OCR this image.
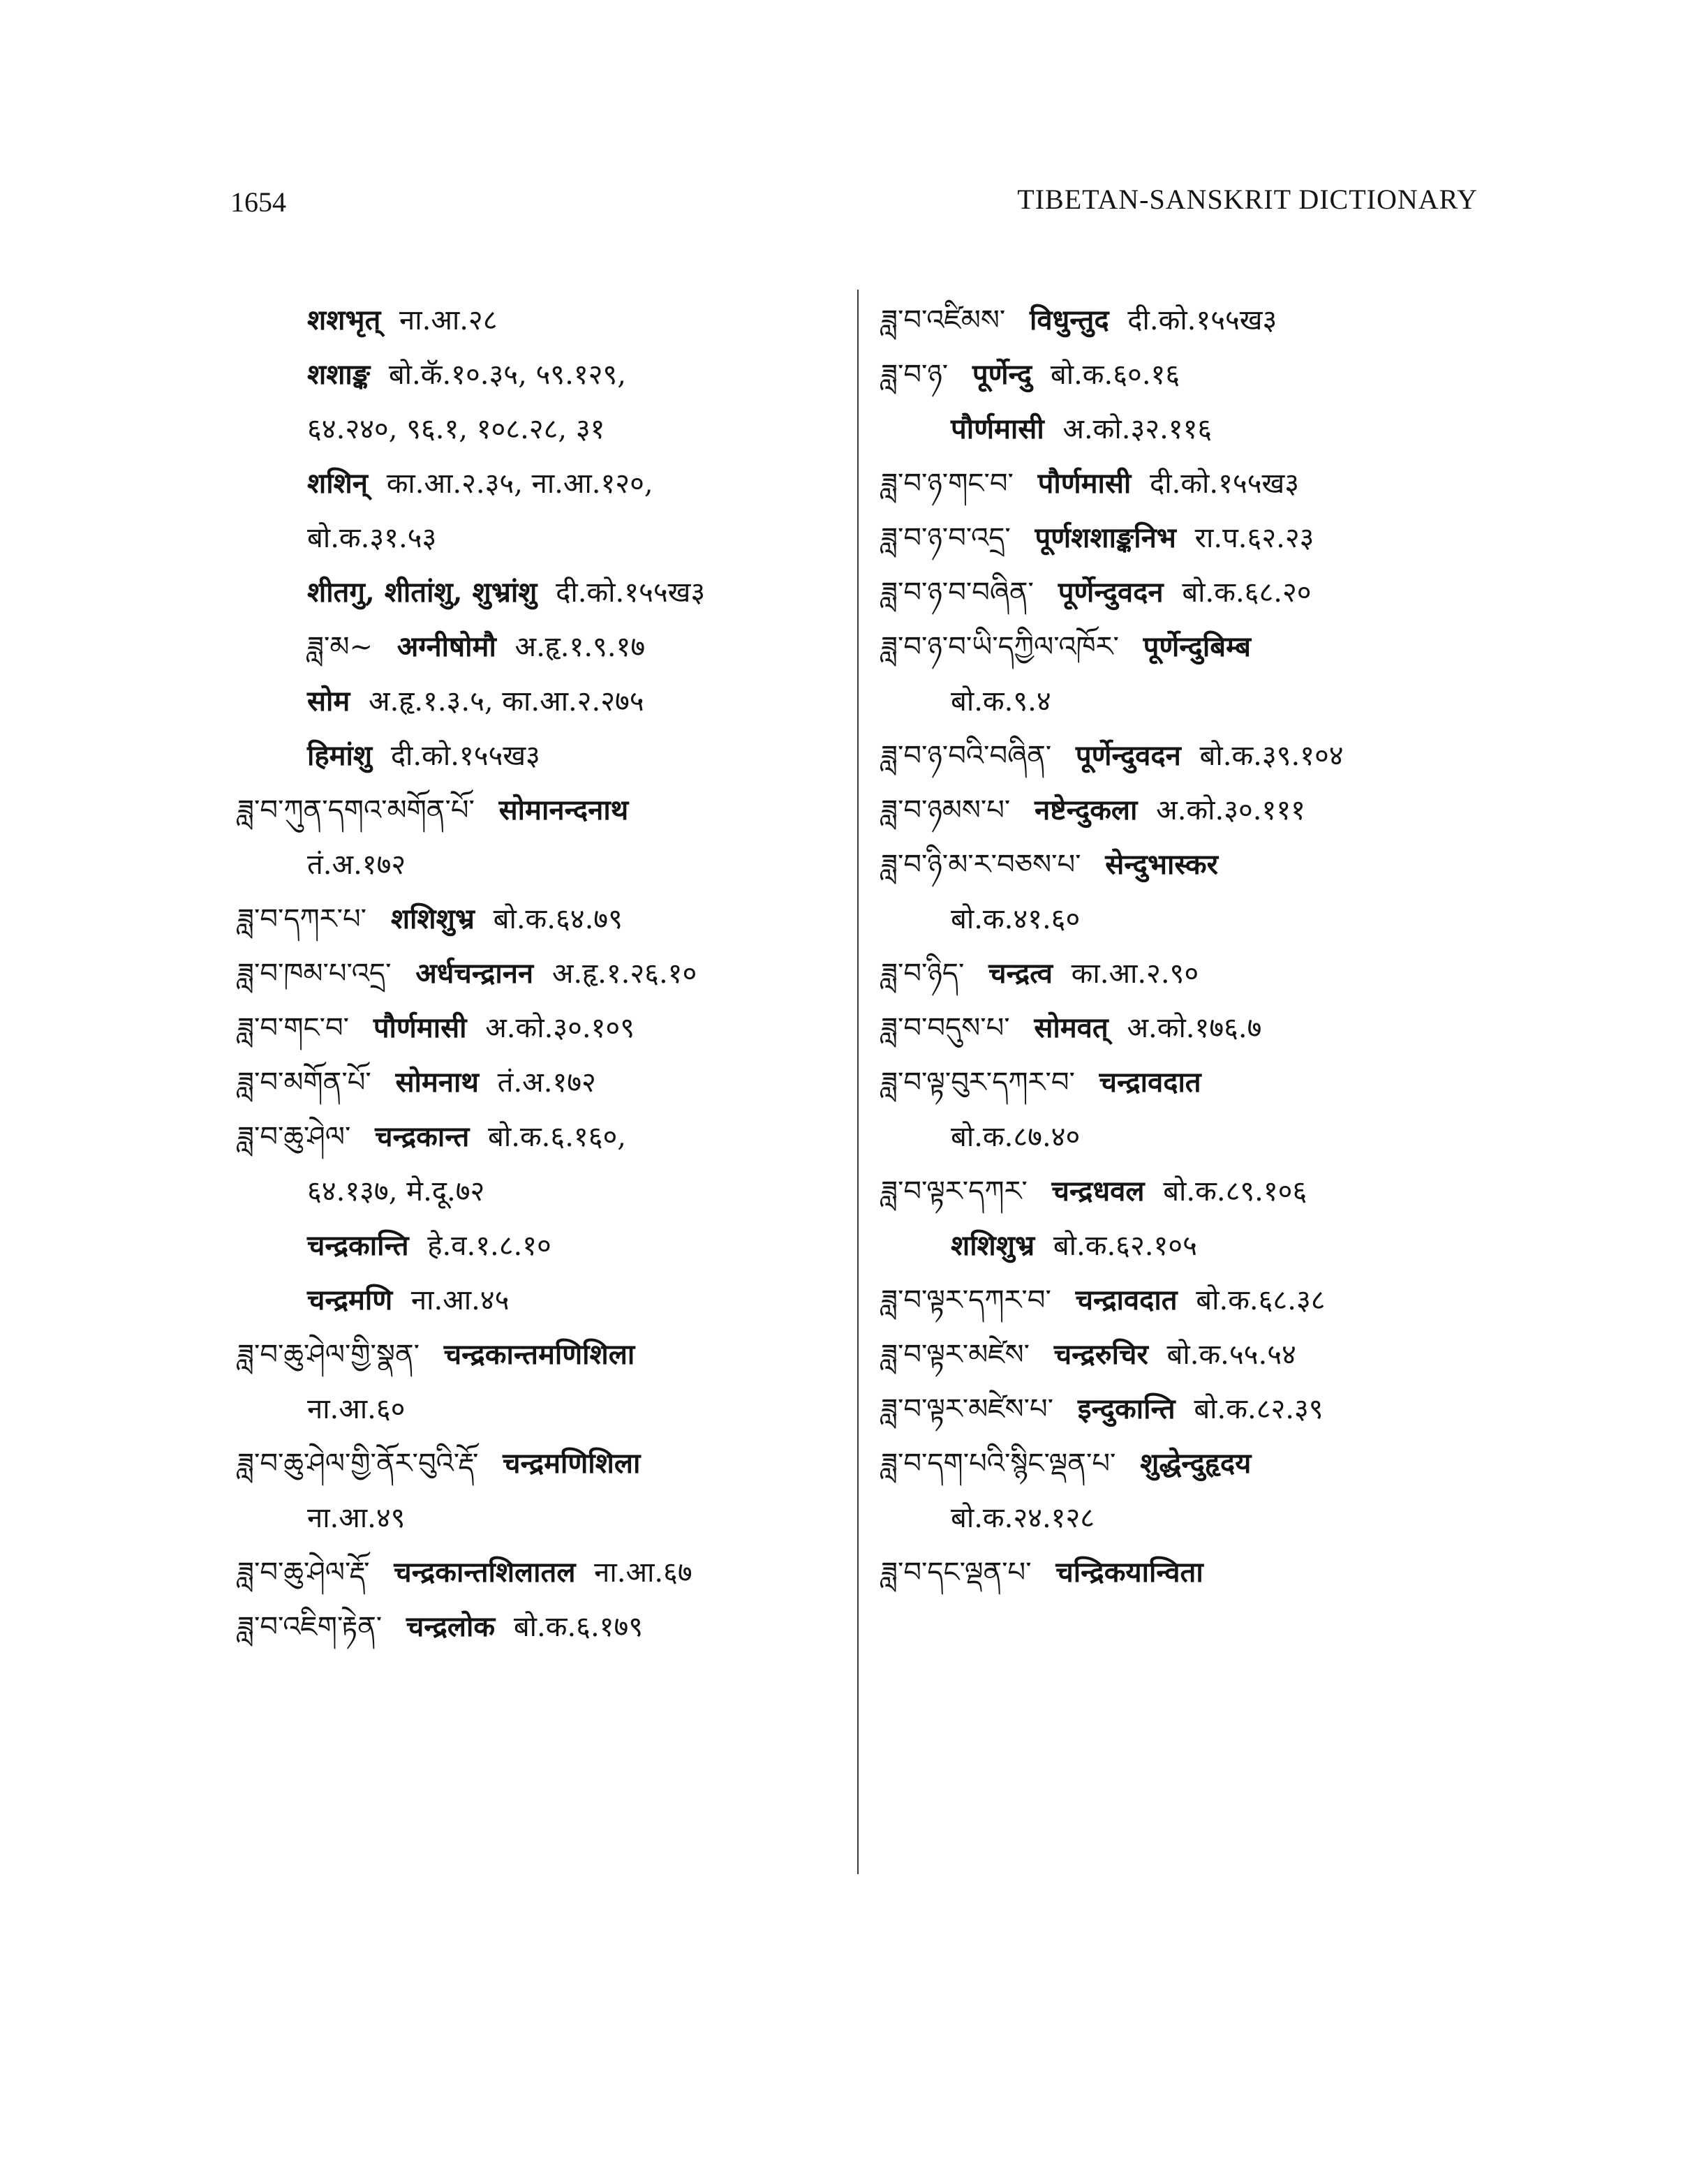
1654	TIBETAN-SANSKRIT DICTIONARY
शशभृत् ना.आ.२८
शशाङ्क बो.कॅ.१०.३५, ५९.१२९,
६४.२४०, ९६.१, १०८.२८, ३१
शशिन् का.आ.२.३५, ना.आ.१२०,
बो.क.३१.५३
शीतगु, शीतांशु, शुभ्रांशु दी.को.१५५ख३
ཟླ་མ~ अग्नीषोमौ अ.हृ.१.९.१७
सोम अ.हृ.१.३.५, का.आ.२.२७५
हिमांशु दी.को.१५५ख३
ཟླ་བ་ཀུན་དགའ་མགོན་པོ་ सोमानन्दनाथ
तं.अ.१७२
ཟླ་བ་དཀར་པ་ शशिशुभ्र बो.क.६४.७९
ཟླ་བ་ཁམ་པ་འདྲ་ अर्धचन्द्रानन अ.हृ.१.२६.१०
ཟླ་བ་གང་བ་ पौर्णमासी अ.को.३०.१०९
ཟླ་བ་མགོན་པོ་ सोमनाथ तं.अ.१७२
ཟླ་བ་ཆུ་ཤེལ་ चन्द्रकान्त बो.क.६.१६०,
६४.१३७, मे.दू.७२
चन्द्रकान्ति हे.व.१.८.१०
चन्द्रमणि ना.आ.४५
ཟླ་བ་ཆུ་ཤེལ་གྱི་སྣན་ चन्द्रकान्तमणिशिला
ना.आ.६०
ཟླ་བ་ཆུ་ཤེལ་གྱི་ནོར་བུའི་རྡོ་ चन्द्रमणिशिला
ना.आ.४९
ཟླ་བ་ཆུ་ཤེལ་རྡོ་ चन्द्रकान्तशिलातल ना.आ.६७
ཟླ་བ་འཇིག་རྟེན་ चन्द्रलोक बो.क.६.१७९
ཟླ་བ་འཛིམས་ विधुन्तुद दी.को.१५५ख३
ཟླ་བ་ཉ་ पूर्णेन्दु बो.क.६०.१६
पौर्णमासी अ.को.३२.११६
ཟླ་བ་ཉ་གང་བ་ पौर्णमासी दी.को.१५५ख३
ཟླ་བ་ཉ་བ་འདྲ་ पूर्णशशाङ्कनिभ रा.प.६२.२३
ཟླ་བ་ཉ་བ་བཞིན་ पूर्णेन्दुवदन बो.क.६८.२०
ཟླ་བ་ཉ་བ་ཡི་དཀྱིལ་འཁོར་ पूर्णेन्दुबिम्ब
बो.क.९.४
ཟླ་བ་ཉ་བའི་བཞིན་ पूर्णेन्दुवदन बो.क.३९.१०४
ཟླ་བ་ཉམས་པ་ नष्टेन्दुकला अ.को.३०.१११
ཟླ་བ་ཉི་མ་ར་བཅས་པ་ सेन्दुभास्कर
बो.क.४१.६०
ཟླ་བ་ཉིད་ चन्द्रत्व का.आ.२.९०
ཟླ་བ་བདུས་པ་ सोमवत् अ.को.१७६.७
ཟླ་བ་ལྟ་བུར་དཀར་བ་ चन्द्रावदात
बो.क.८७.४०
ཟླ་བ་ལྟར་དཀར་ चन्द्रधवल बो.क.८९.१०६
शशिशुभ्र बो.क.६२.१०५
ཟླ་བ་ལྟར་དཀར་བ་ चन्द्रावदात बो.क.६८.३८
ཟླ་བ་ལྟར་མཛེས་ चन्द्ररुचिर बो.क.५५.५४
ཟླ་བ་ལྟར་མཛེས་པ་ इन्दुकान्ति बो.क.८२.३९
ཟླ་བ་དག་པའི་སྙིང་ལྡན་པ་ शुद्धेन्दुहृदय
बो.क.२४.१२८
ཟླ་བ་དང་ལྡན་པ་ चन्द्रिकयान्विता
